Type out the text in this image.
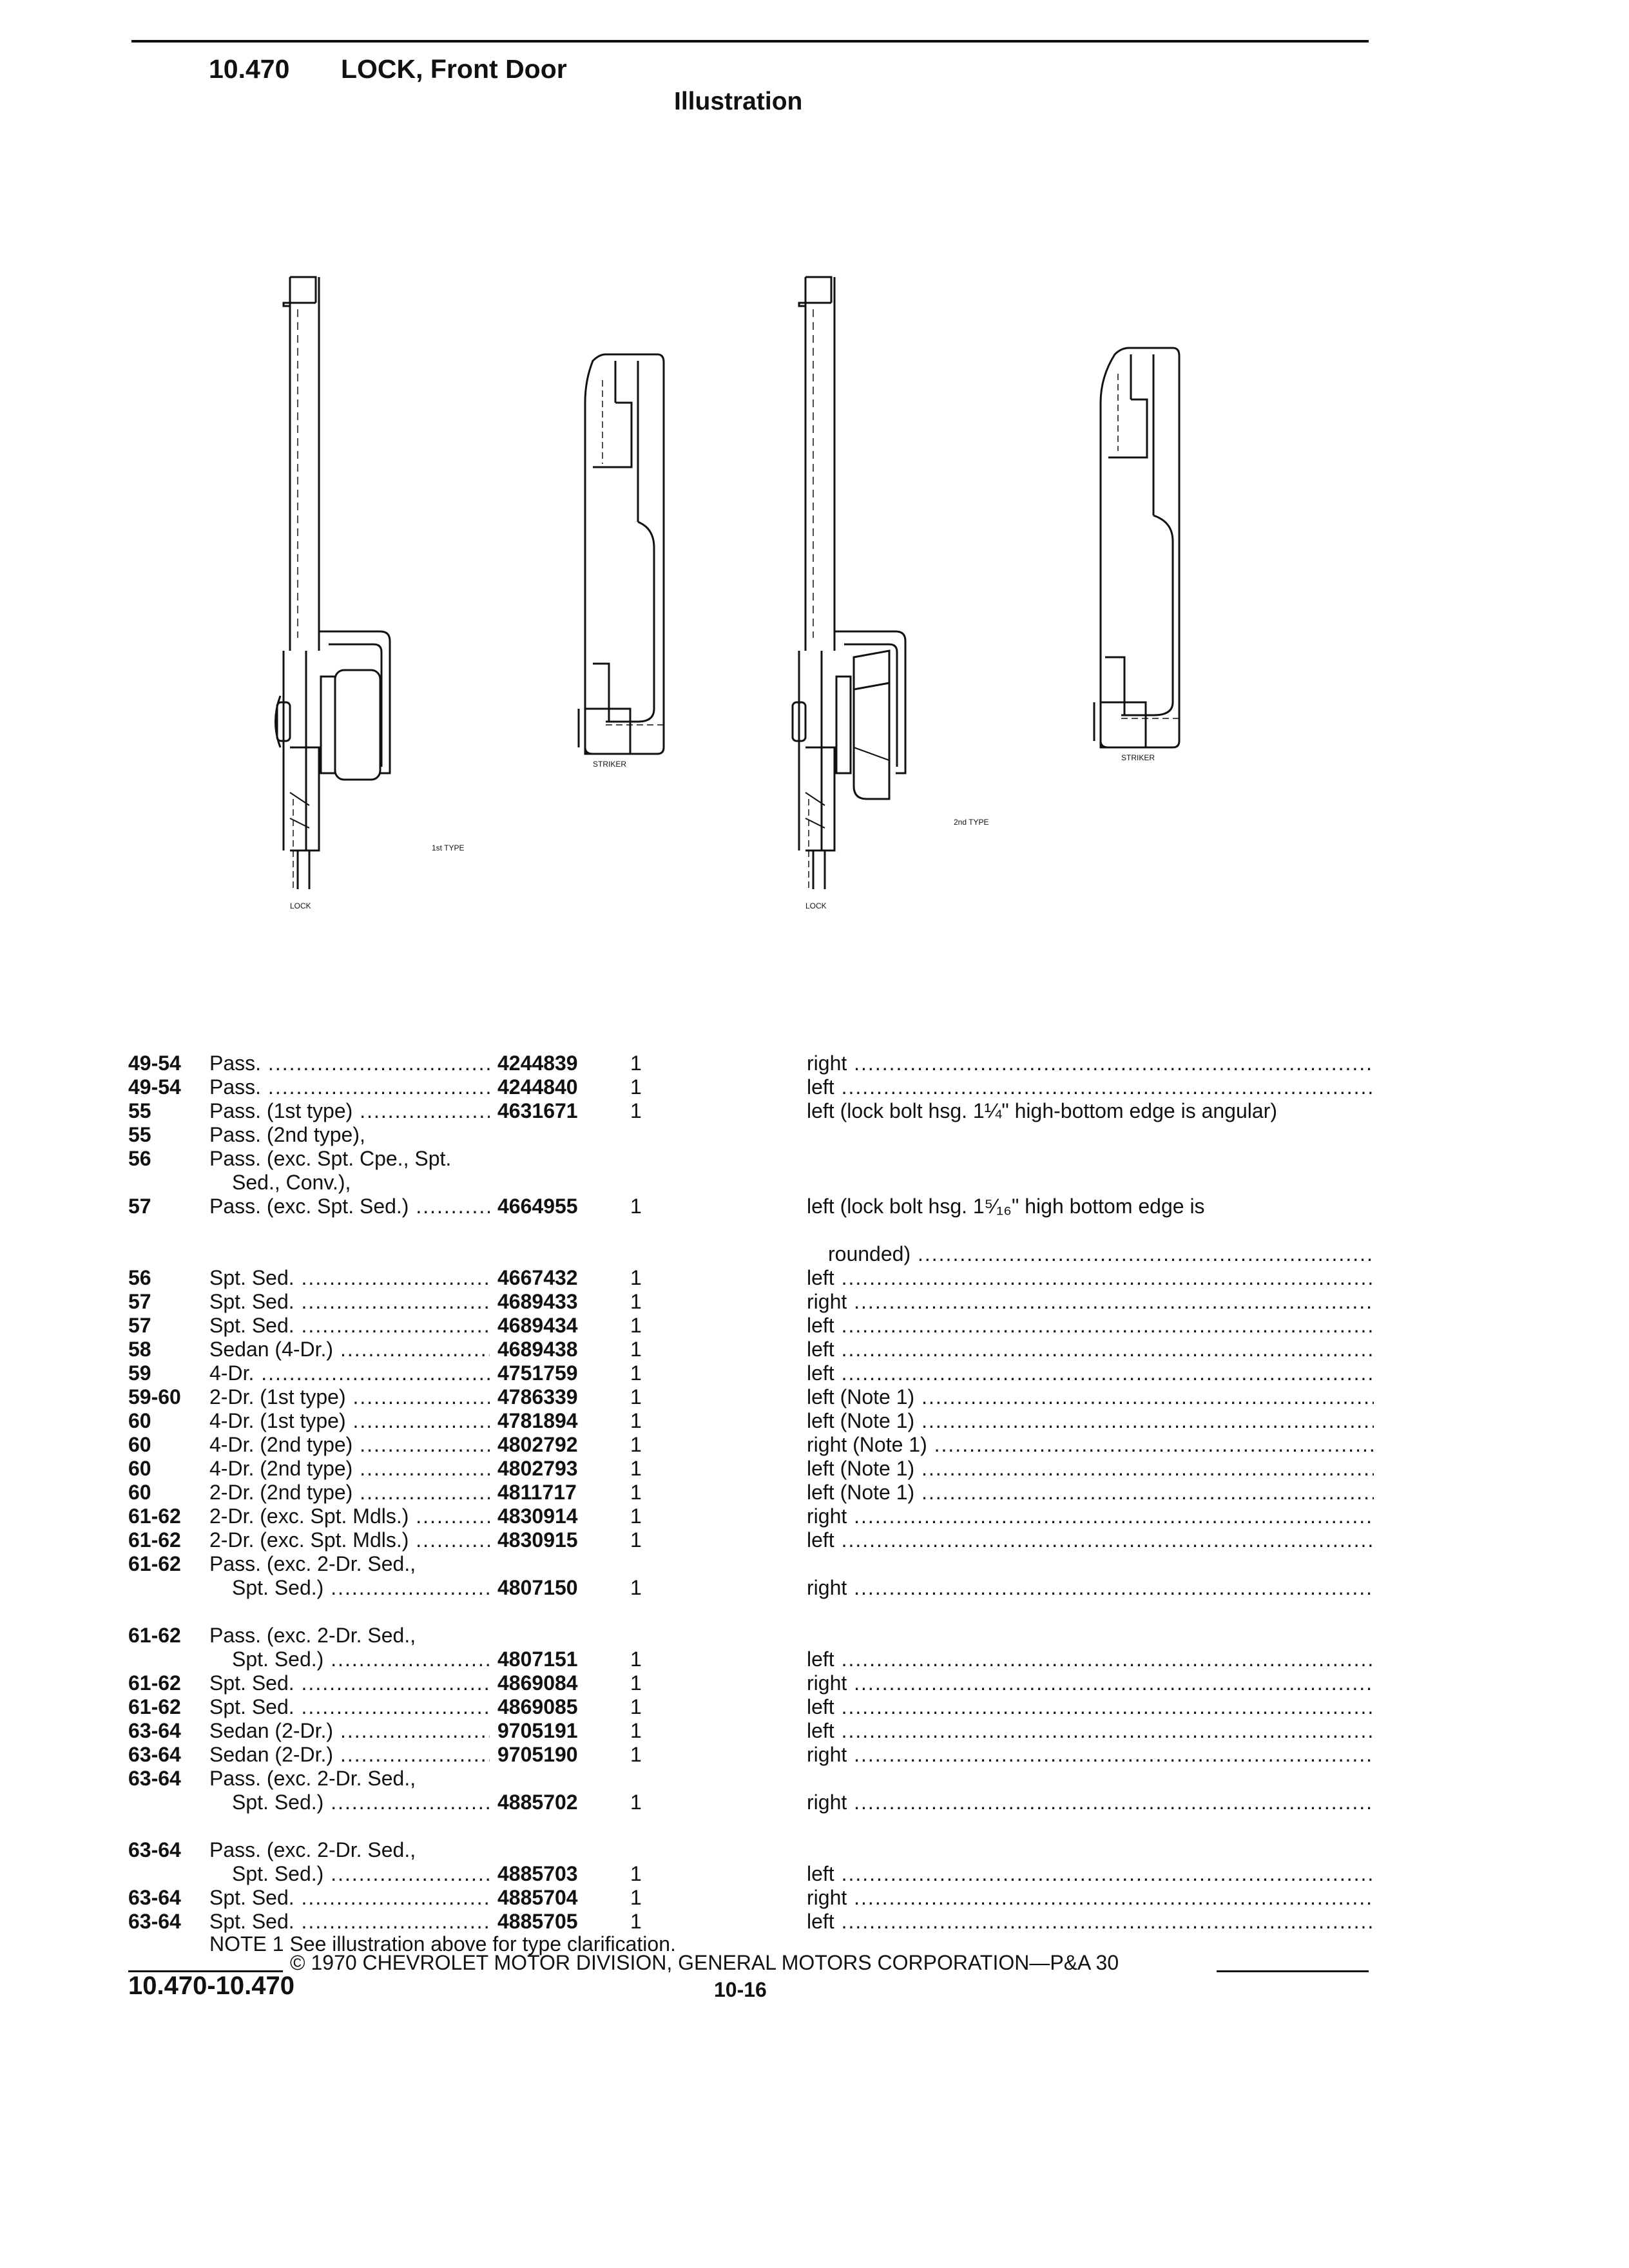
10.470 LOCK, Front Door
Illustration
STRIKER
STRIKER
1st TYPE
2nd TYPE
LOCK	LOCK
49-54 Pass. .....	4244839	1	right .....
49-54 Pass. .....	4244840	1	left .....
55	Pass. (1st type) .....	4631671	1	left (lock bolt hsg. 1¼" high-bottom edge is angular)
55	Pass. (2nd type),
56	Pass. (exc. Spt. Cpe., Spt.
Sed., Conv.),
57	Pass. (exc. Spt. Sed.) .....	4664955	1	left (lock bolt hsg. 1⁵⁄₁₆" high bottom edge is
rounded) .....
56	Spt. Sed. .....	4667432	1	left .....
57	Spt. Sed. .....	4689433	1	right .....
57	Spt. Sed. .....	4689434	1	left .....
58	Sedan (4-Dr.) .....	4689438	1	left .....
59	4-Dr. .....	4751759	1	left .....
59-60 2-Dr. (1st type) .....	4786339	1	left (Note 1) .....
60	4-Dr. (1st type) .....	4781894	1	left (Note 1) .....
60	4-Dr. (2nd type) .....	4802792	1	right (Note 1) .....
60	4-Dr. (2nd type) .....	4802793	1	left (Note 1) .....
60	2-Dr. (2nd type) .....	4811717	1	left (Note 1) .....
61-62 2-Dr. (exc. Spt. Mdls.) .....	4830914	1	right .....
61-62 2-Dr. (exc. Spt. Mdls.) .....	4830915	1	left .....
61-62 Pass. (exc. 2-Dr. Sed.,
Spt. Sed.) .....	4807150	1	right .....
61-62 Pass. (exc. 2-Dr. Sed.,
Spt. Sed.) .....	4807151	1	left .....
61-62 Spt. Sed. .....	4869084	1	right .....
61-62 Spt. Sed. .....	4869085	1	left .....
63-64 Sedan (2-Dr.) .....	9705191	1	left .....
63-64 Sedan (2-Dr.) .....	9705190	1	right .....
63-64 Pass. (exc. 2-Dr. Sed.,
Spt. Sed.) .....	4885702	1	right .....
63-64 Pass. (exc. 2-Dr. Sed.,
Spt. Sed.) .....	4885703	1	left .....
63-64 Spt. Sed. .....	4885704	1	right .....
63-64 Spt. Sed. .....	4885705	1	left .....
NOTE 1 See illustration above for type clarification.
© 1970 CHEVROLET MOTOR DIVISION, GENERAL MOTORS CORPORATION—P&A 30
10.470-10.470	10-16
